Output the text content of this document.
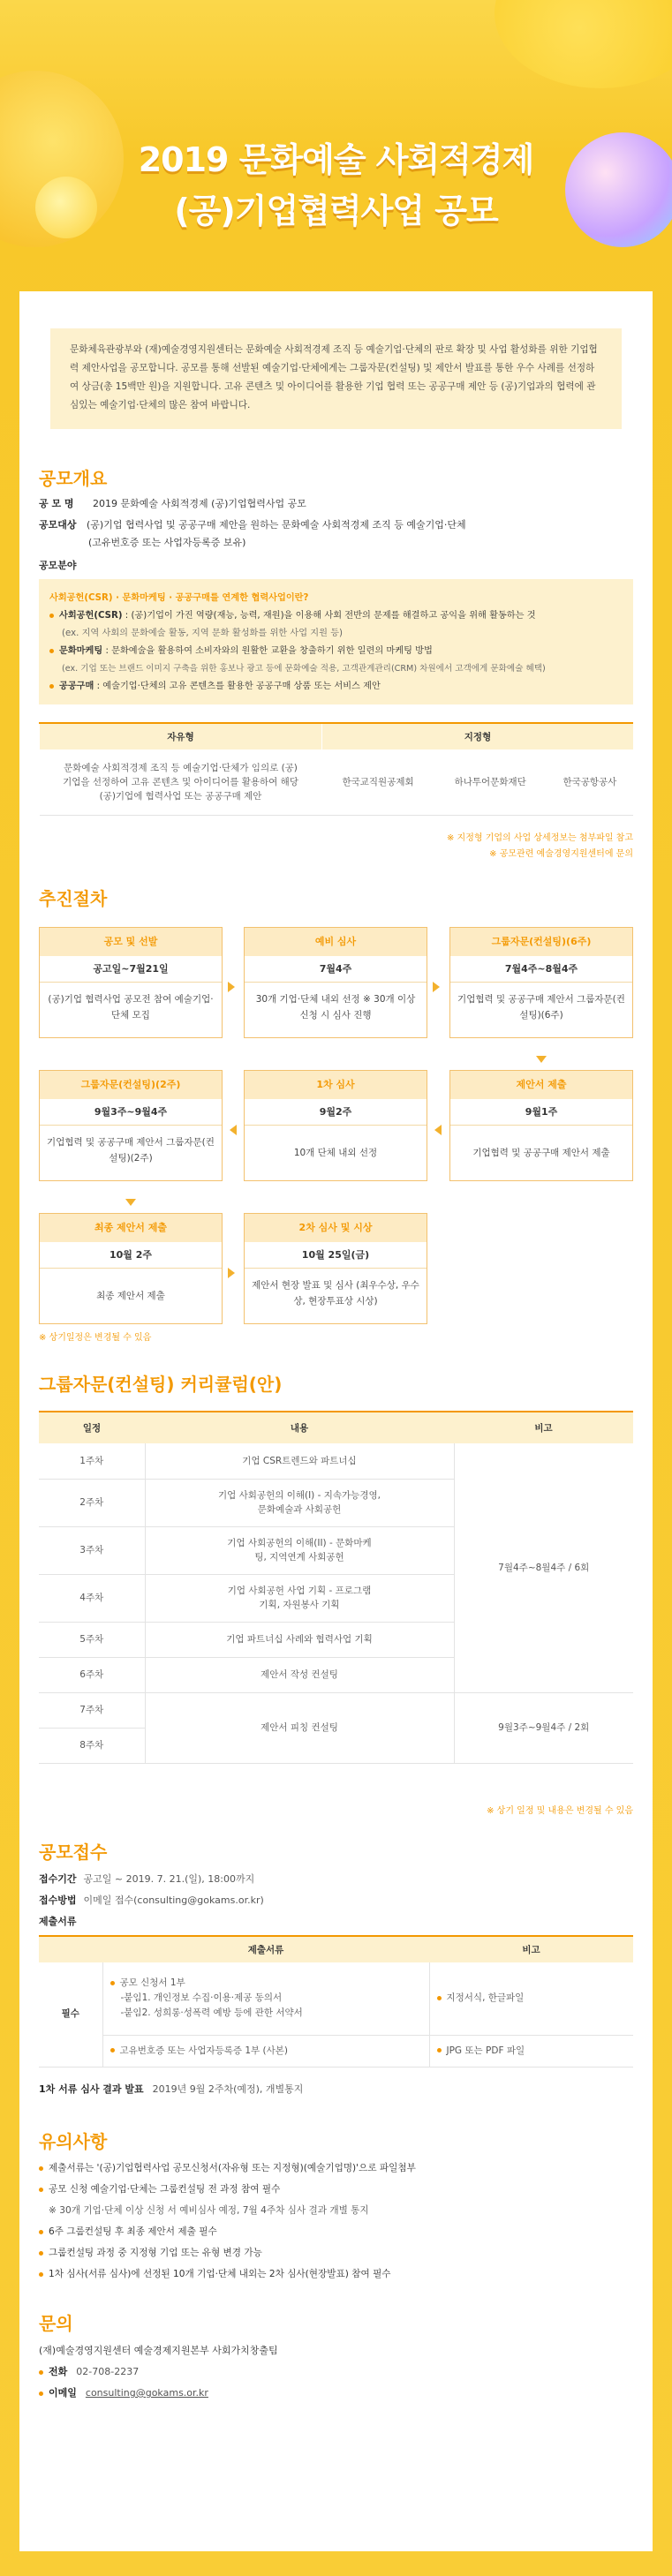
2019 문화예술 사회적경제
(공)기업협력사업 공모
문화체육관광부와 (재)예술경영지원센터는 문화예술 사회적경제 조직 등 예술기업·단체의 판로 확장 및 사업 활성화를 위한 기업협력 제안사업을 공모합니다. 공모를 통해 선발된 예술기업·단체에게는 그룹자문(컨설팅) 및 제안서 발표를 통한 우수 사례를 선정하여 상금(총 15백만 원)을 지원합니다. 고유 콘텐츠 및 아이디어를 활용한 기업 협력 또는 공공구매 제안 등 (공)기업과의 협력에 관심있는 예술기업·단체의 많은 참여 바랍니다.
공모개요
공 모 명 2019 문화예술 사회적경제 (공)기업협력사업 공모
공모대상 (공)기업 협력사업 및 공공구매 제안을 원하는 문화예술 사회적경제 조직 등 예술기업·단체
(고유번호증 또는 사업자등록증 보유)
공모분야
사회공헌(CSR) · 문화마케팅 · 공공구매를 연계한 협력사업이란?
사회공헌(CSR) : (공)기업이 가진 역량(재능, 능력, 재원)을 이용해 사회 전반의 문제를 해결하고 공익을 위해 활동하는 것
(ex. 지역 사회의 문화예술 활동, 지역 문화 활성화를 위한 사업 지원 등)
문화마케팅 : 문화예술을 활용하여 소비자와의 원활한 교환을 창출하기 위한 일련의 마케팅 방법
(ex. 기업 또는 브랜드 이미지 구축을 위한 홍보나 광고 등에 문화예술 적용, 고객관계관리(CRM) 차원에서 고객에게 문화예술 혜택)
공공구매 : 예술기업·단체의 고유 콘텐츠를 활용한 공공구매 상품 또는 서비스 제안
자유형	지정형		
문화예술 사회적경제 조직 등 예술기업·단체가 임의로 (공)기업을 선정하여 고유 콘텐츠 및 아이디어를 활용하여 해당 (공)기업에 협력사업 또는 공공구매 제안	한국교직원공제회	하나투어문화재단	한국공항공사
※ 지정형 기업의 사업 상세정보는 첨부파일 참고
※ 공모관련 예술경영지원센터에 문의
추진절차
공모 및 선발
공고일~7월21일
(공)기업 협력사업 공모전 참여 예술기업·단체 모집
예비 심사
7월4주
30개 기업·단체 내외 선정 ※ 30개 이상 신청 시 심사 진행
그룹자문(컨설팅)(6주)
7월4주~8월4주
기업협력 및 공공구매 제안서 그룹자문(컨설팅)(6주)
제안서 제출
9월1주
기업협력 및 공공구매 제안서 제출
1차 심사
9월2주
10개 단체 내외 선정
그룹자문(컨설팅)(2주)
9월3주~9월4주
기업협력 및 공공구매 제안서 그룹자문(컨설팅)(2주)
최종 제안서 제출
10월 2주
최종 제안서 제출
2차 심사 및 시상
10월 25일(금)
제안서 현장 발표 및 심사 (최우수상, 우수상, 현장투표상 시상)
※ 상기일정은 변경될 수 있음
그룹자문(컨설팅) 커리큘럼(안)
일정	내용	비고
1주차	기업 CSR트렌드와 파트너십	7월4주~8월4주 / 6회
2주차	기업 사회공헌의 이해(I) - 지속가능경영, 문화예술과 사회공헌	
3주차	기업 사회공헌의 이해(II) - 문화마케팅, 지역연계 사회공헌	
4주차	기업 사회공헌 사업 기획 - 프로그램 기획, 자원봉사 기획	
5주차	기업 파트너십 사례와 협력사업 기획	
6주차	제안서 작성 컨설팅	
7주차	제안서 피칭 컨설팅	9월3주~9월4주 / 2회
8주차		
※ 상기 일정 및 내용은 변경될 수 있음
공모접수
접수기간 공고일 ~ 2019. 7. 21.(일), 18:00까지
접수방법 이메일 접수(consulting@gokams.or.kr)
제출서류
	제출서류	비고
필수	공모 신청서 1부
-붙임1. 개인정보 수집·이용·제공 동의서
-붙임2. 성희롱·성폭력 예방 등에 관한 서약서	지정서식, 한글파일
	고유번호증 또는 사업자등록증 1부 (사본)	JPG 또는 PDF 파일
1차 서류 심사 결과 발표 2019년 9월 2주차(예정), 개별통지
유의사항

제출서류는 '(공)기업협력사업 공모신청서(자유형 또는 지정형)(예술기업명)'으로 파일첨부

공모 신청 예술기업·단체는 그룹컨설팅 전 과정 참여 필수

※ 30개 기업·단체 이상 신청 서 예비심사 예정, 7월 4주차 심사 결과 개별 통지

6주 그룹컨설팅 후 최종 제안서 제출 필수

그룹컨설팅 과정 중 지정형 기업 또는 유형 변경 가능

1차 심사(서류 심사)에 선정된 10개 기업·단체 내외는 2차 심사(현장발표) 참여 필수

문의
(재)예술경영지원센터 예술경제지원본부 사회가치창출팀
전화 02-708-2237
이메일 consulting@gokams.or.kr
